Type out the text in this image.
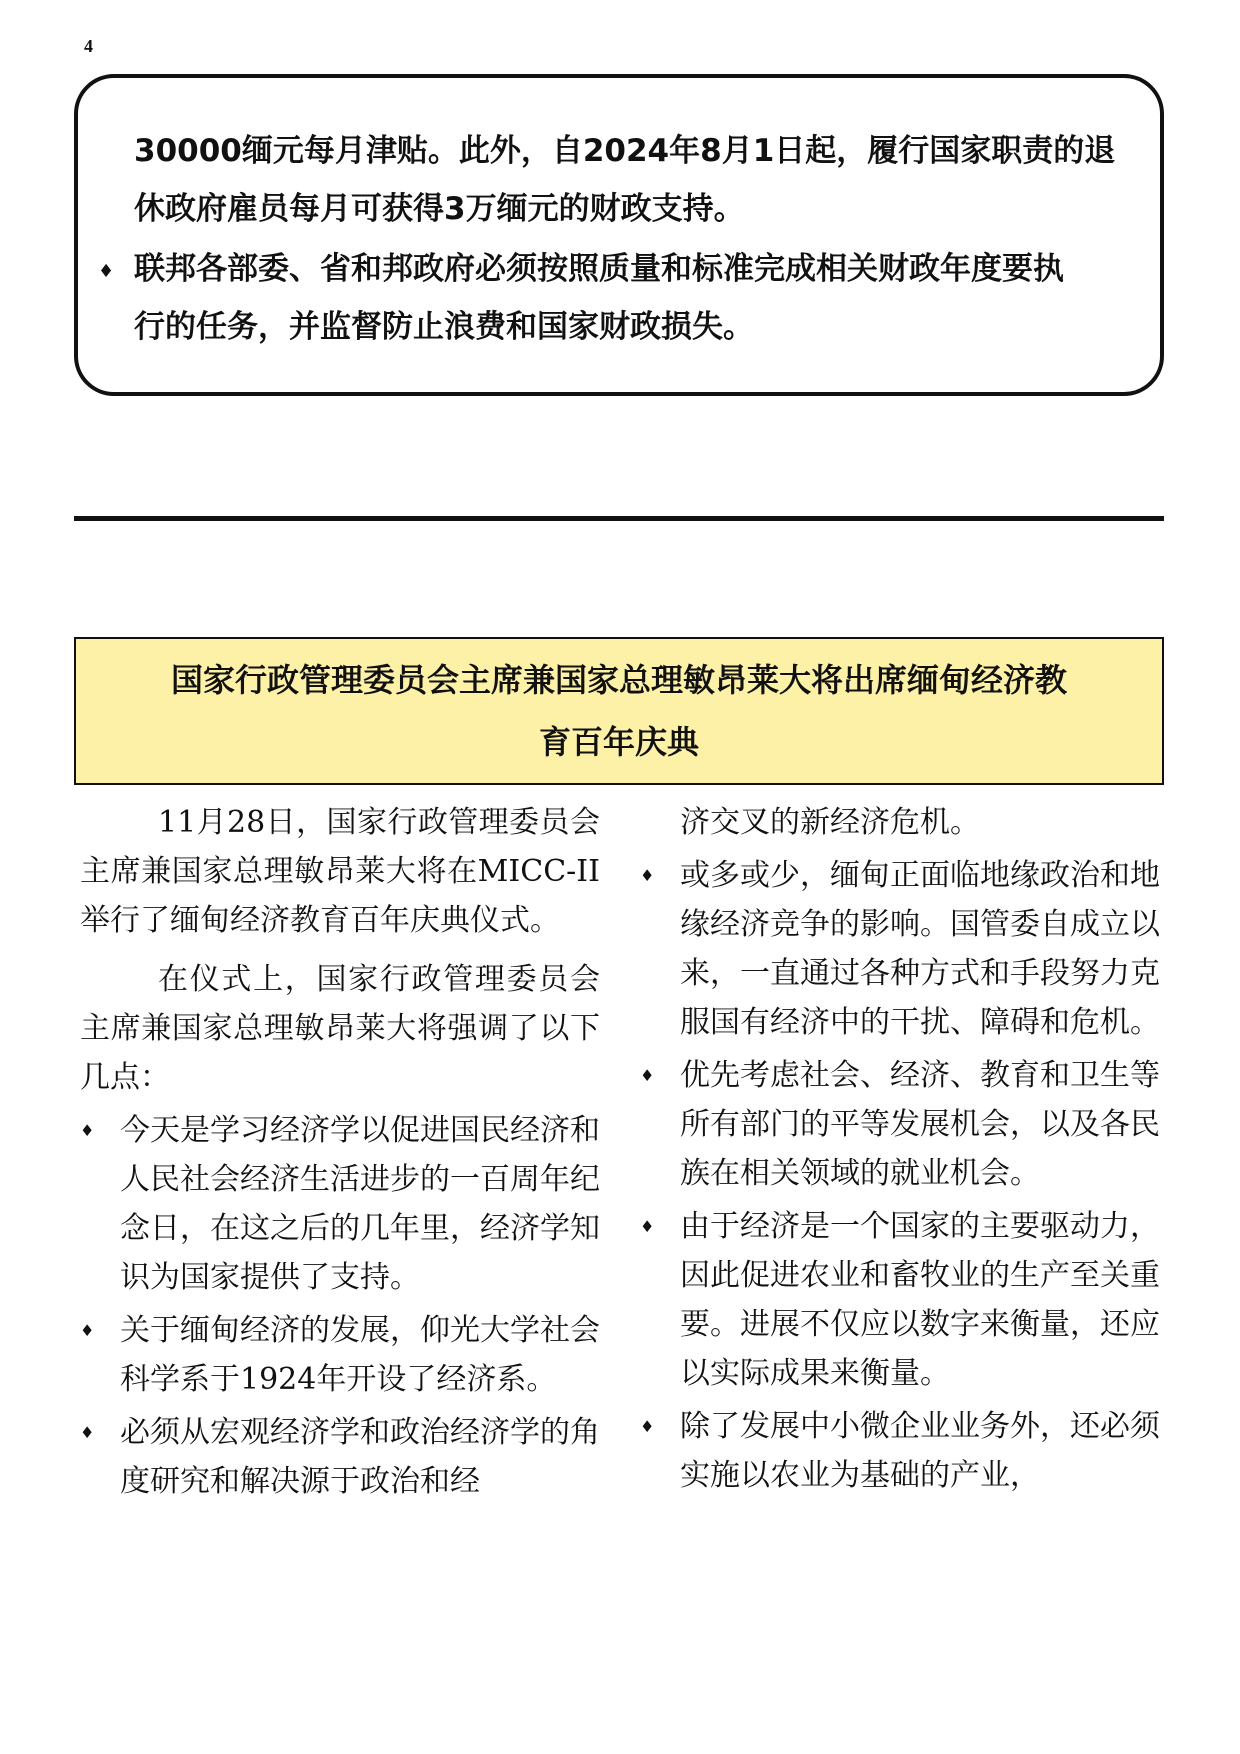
4
30000缅元每月津贴。此外，自2024年8月1日起，履行国家职责的退
休政府雇员每月可获得3万缅元的财政支持。
♦ 联邦各部委、省和邦政府必须按照质量和标准完成相关财政年度要执
行的任务，并监督防止浪费和国家财政损失。
国家行政管理委员会主席兼国家总理敏昂莱大将出席缅甸经济教
育百年庆典
11月28日，国家行政管理委员会主席兼国家总理敏昂莱大将在MICC-II举行了缅甸经济教育百年庆典仪式。
在仪式上，国家行政管理委员会主席兼国家总理敏昂莱大将强调了以下几点：
♦ 今天是学习经济学以促进国民经济和人民社会经济生活进步的一百周年纪念日，在这之后的几年里，经济学知识为国家提供了支持。
♦ 关于缅甸经济的发展，仰光大学社会科学系于1924年开设了经济系。
♦ 必须从宏观经济学和政治经济学的角度研究和解决源于政治和经
济交叉的新经济危机。
♦ 或多或少，缅甸正面临地缘政治和地缘经济竞争的影响。国管委自成立以来，一直通过各种方式和手段努力克服国有经济中的干扰、障碍和危机。
♦ 优先考虑社会、经济、教育和卫生等所有部门的平等发展机会，以及各民族在相关领域的就业机会。
♦ 由于经济是一个国家的主要驱动力，因此促进农业和畜牧业的生产至关重要。进展不仅应以数字来衡量，还应以实际成果来衡量。
♦ 除了发展中小微企业业务外，还必须实施以农业为基础的产业，
